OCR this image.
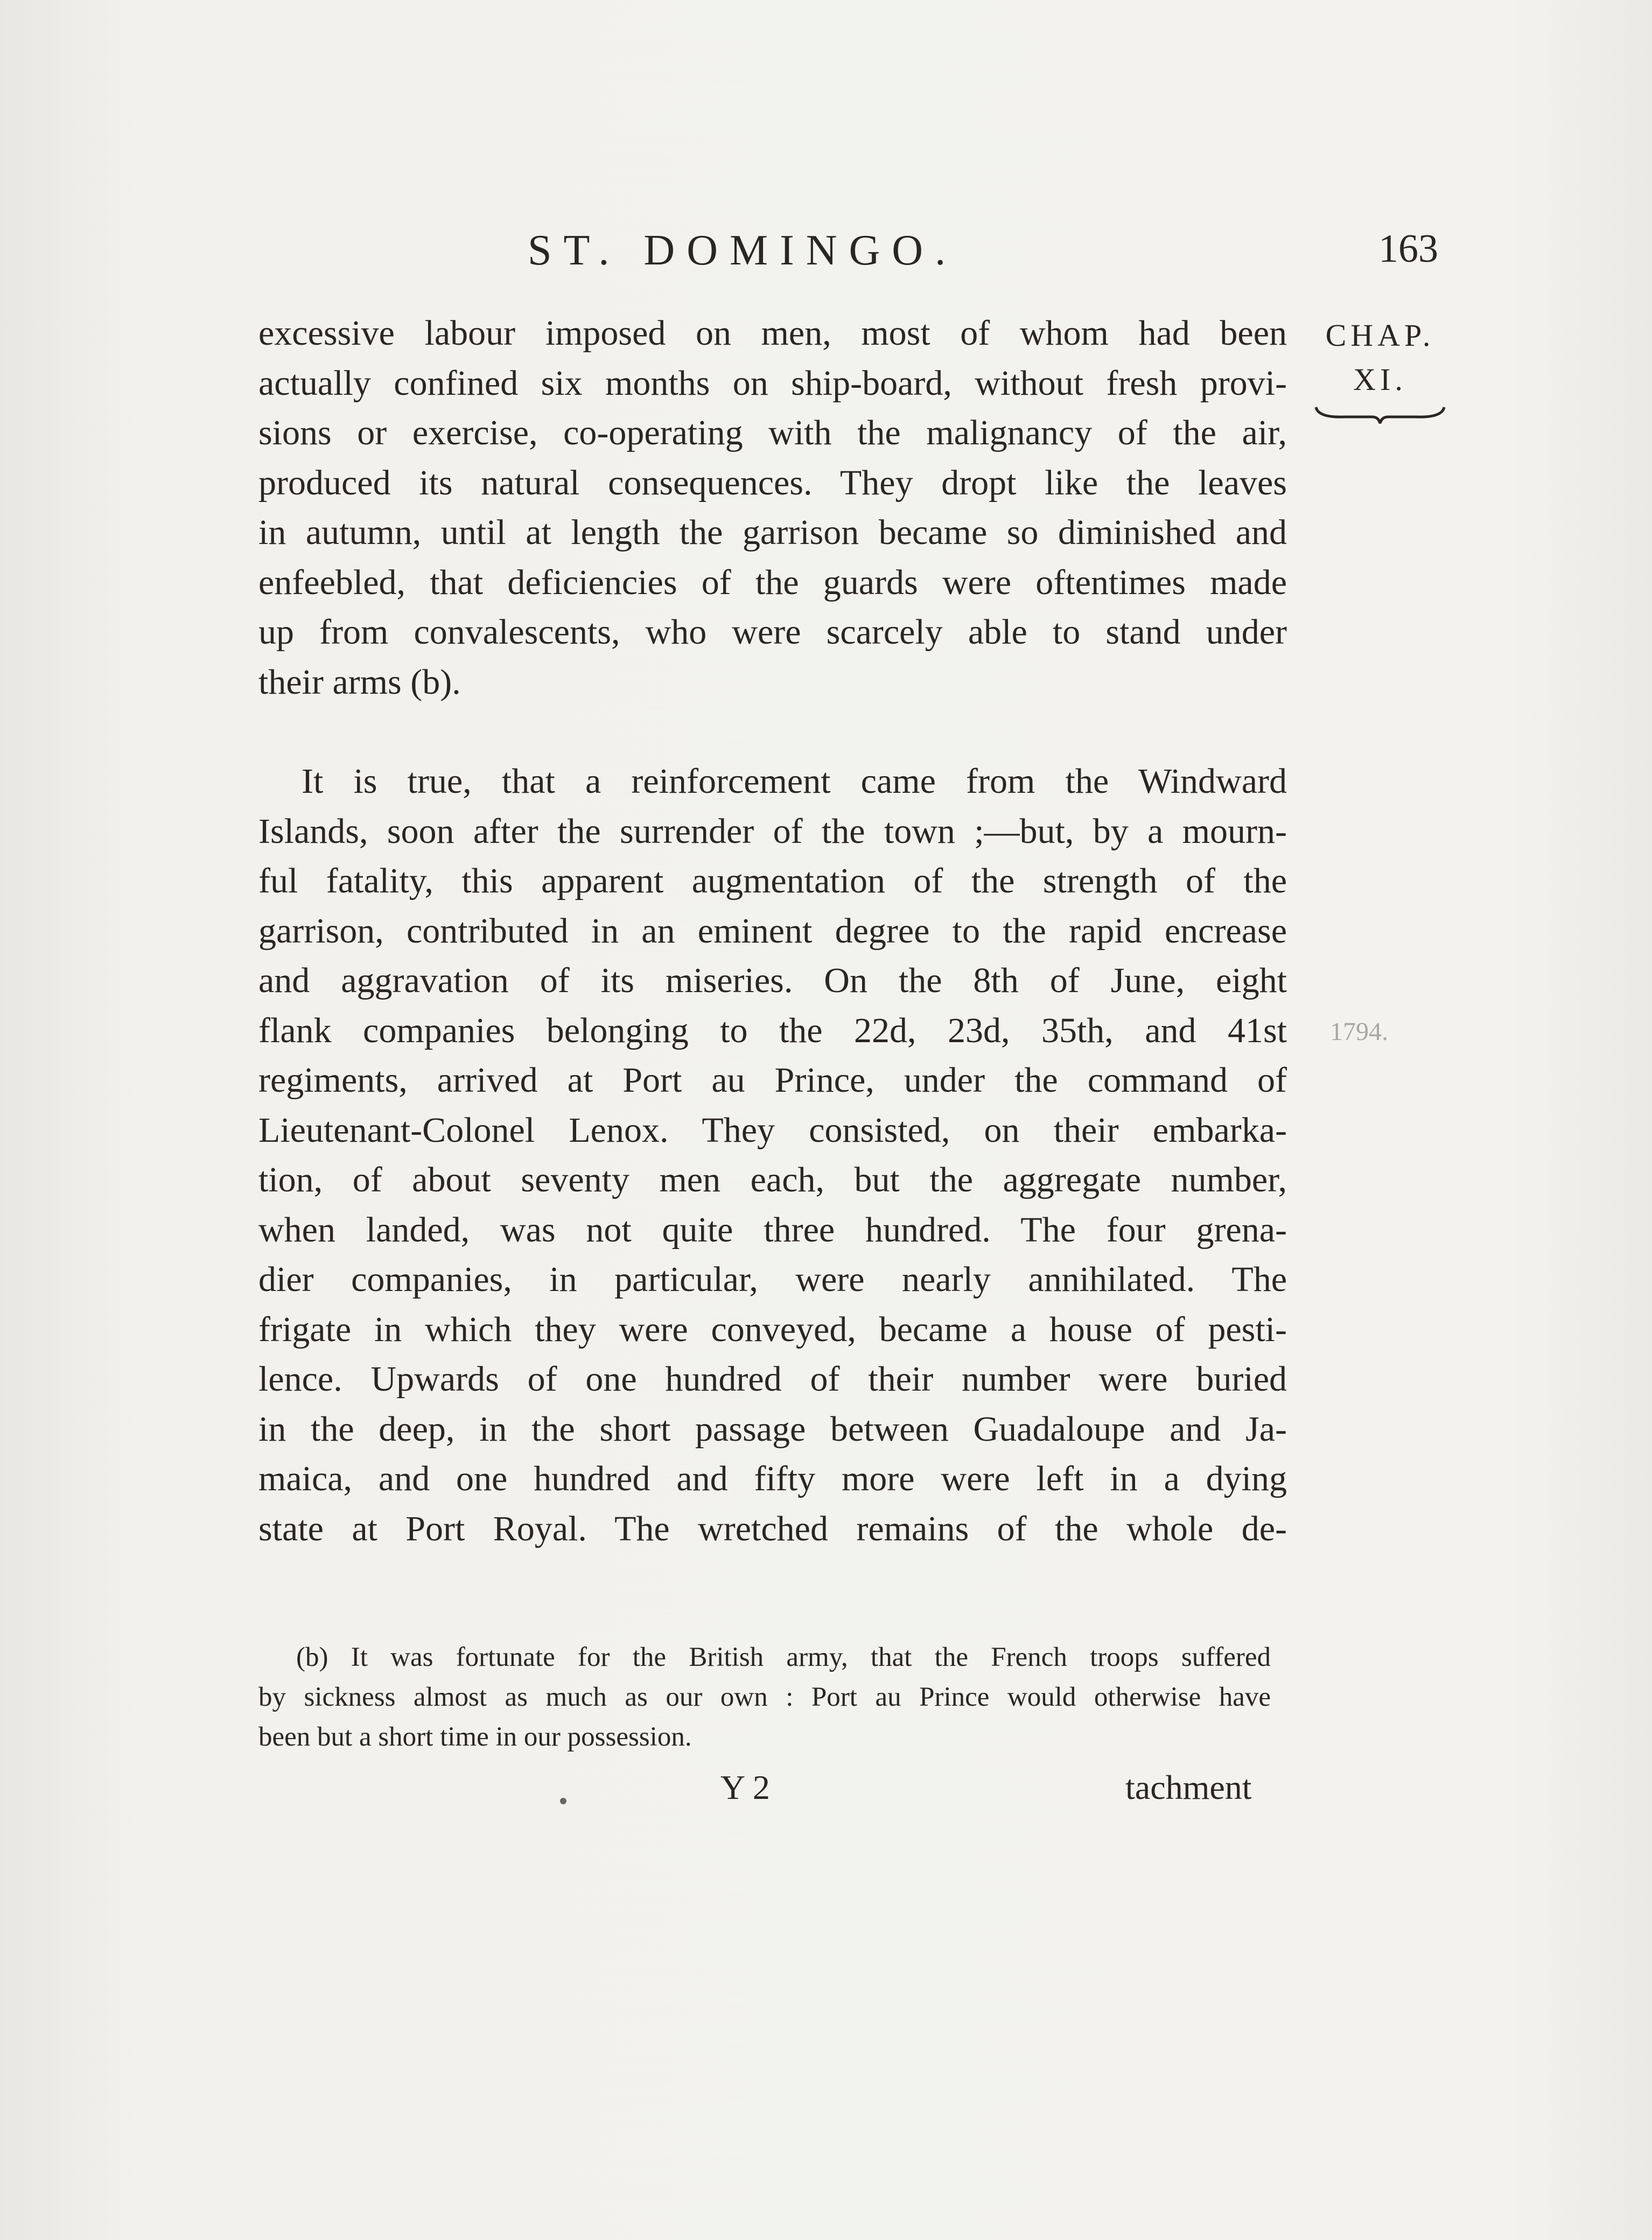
ST. DOMINGO.	163
CHAP.
XI.
1794.
excessive labour imposed on men, most of whom had been
actually confined six months on ship-board, without fresh provi-
sions or exercise, co-operating with the malignancy of the air,
produced its natural consequences. They dropt like the leaves
in autumn, until at length the garrison became so diminished and
enfeebled, that deficiencies of the guards were oftentimes made
up from convalescents, who were scarcely able to stand under
their arms (b).
It is true, that a reinforcement came from the Windward
Islands, soon after the surrender of the town ;—but, by a mourn-
ful fatality, this apparent augmentation of the strength of the
garrison, contributed in an eminent degree to the rapid encrease
and aggravation of its miseries. On the 8th of June, eight
flank companies belonging to the 22d, 23d, 35th, and 41st
regiments, arrived at Port au Prince, under the command of
Lieutenant-Colonel Lenox. They consisted, on their embarka-
tion, of about seventy men each, but the aggregate number,
when landed, was not quite three hundred. The four grena-
dier companies, in particular, were nearly annihilated. The
frigate in which they were conveyed, became a house of pesti-
lence. Upwards of one hundred of their number were buried
in the deep, in the short passage between Guadaloupe and Ja-
maica, and one hundred and fifty more were left in a dying
state at Port Royal. The wretched remains of the whole de-
(b) It was fortunate for the British army, that the French troops suffered
by sickness almost as much as our own : Port au Prince would otherwise have
been but a short time in our possession.
Y 2	tachment
